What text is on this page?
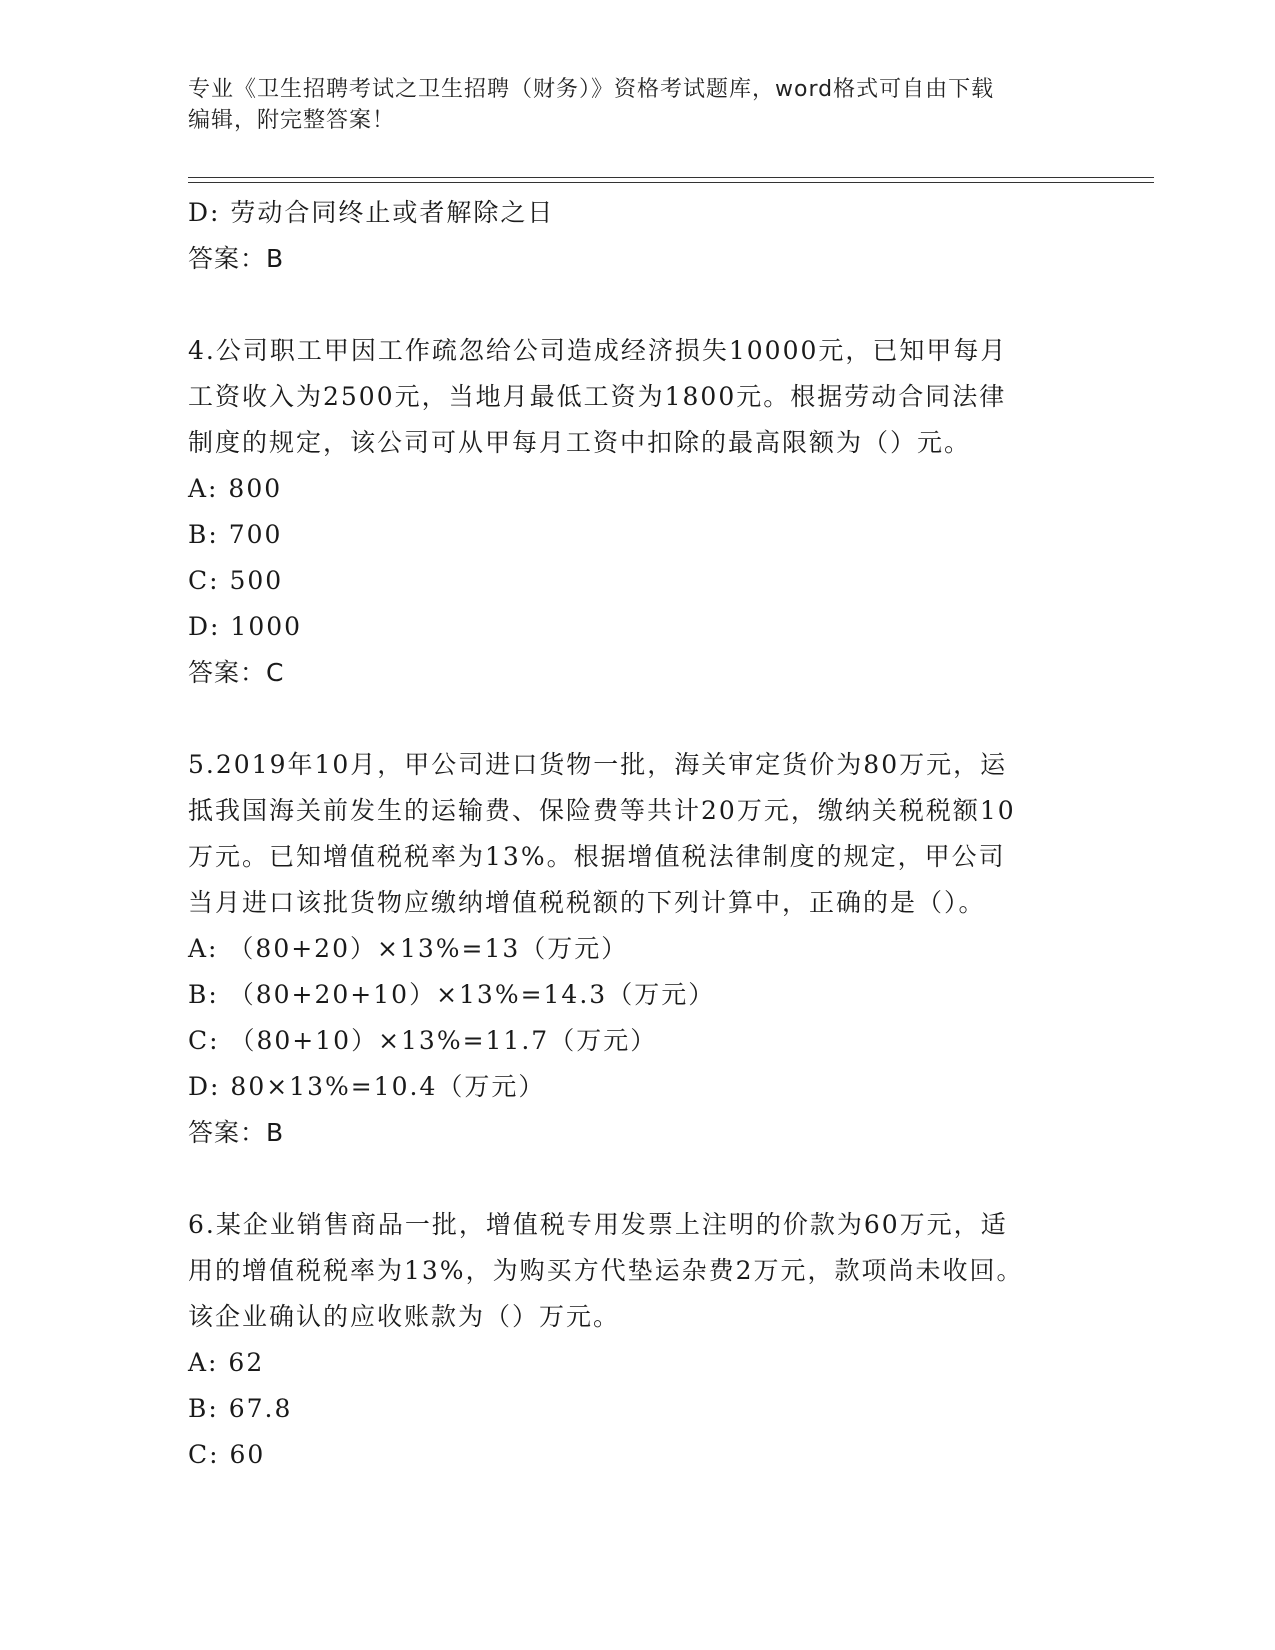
专业《卫生招聘考试之卫生招聘（财务）》资格考试题库，word格式可自由下载
编辑，附完整答案！
D: 劳动合同终止或者解除之日
答案：B
4.公司职工甲因工作疏忽给公司造成经济损失10000元，已知甲每月
工资收入为2500元，当地月最低工资为1800元。根据劳动合同法律
制度的规定，该公司可从甲每月工资中扣除的最高限额为（）元。
A: 800
B: 700
C: 500
D: 1000
答案：C
5.2019年10月，甲公司进口货物一批，海关审定货价为80万元，运
抵我国海关前发生的运输费、保险费等共计20万元，缴纳关税税额10
万元。已知增值税税率为13%。根据增值税法律制度的规定，甲公司
当月进口该批货物应缴纳增值税税额的下列计算中，正确的是（）。
A: （80+20）×13%=13（万元）
B: （80+20+10）×13%=14.3（万元）
C: （80+10）×13%=11.7（万元）
D: 80×13%=10.4（万元）
答案：B
6.某企业销售商品一批，增值税专用发票上注明的价款为60万元，适
用的增值税税率为13%，为购买方代垫运杂费2万元，款项尚未收回。
该企业确认的应收账款为（）万元。
A: 62
B: 67.8
C: 60
